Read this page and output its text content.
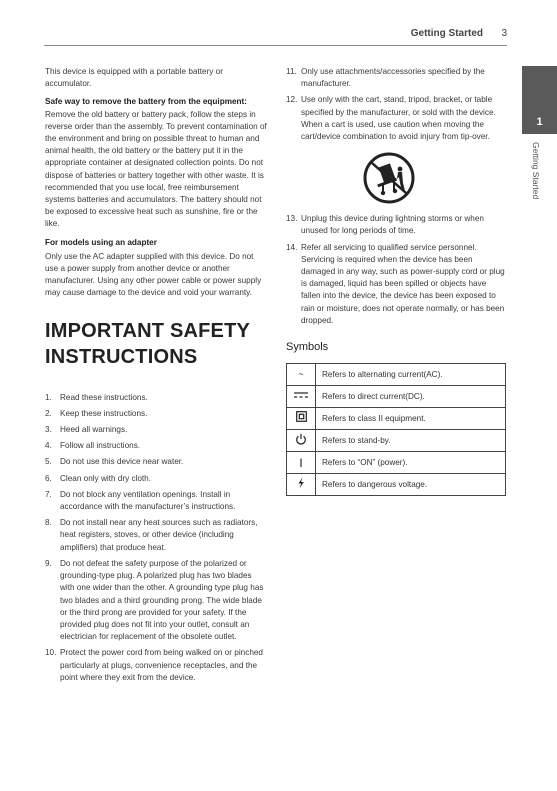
Getting Started 3
1
Getting Started

This device is equipped with a portable battery or accumulator.

Safe way to remove the battery from the equipment: Remove the old battery or battery pack, follow the steps in reverse order than the assembly. To prevent contamination of the environment and bring on possible threat to human and animal health, the old battery or the battery put it in the appropriate container at designated collection points. Do not dispose of batteries or battery together with other waste. It is recommended that you use local, free reimbursement systems batteries and accumulators. The battery should not be exposed to excessive heat such as sunshine, fire or the like.

For models using an adapter

Only use the AC adapter supplied with this device. Do not use a power supply from another device or another manufacturer. Using any other power cable or power supply may cause damage to the device and void your warranty.

IMPORTANT SAFETY INSTRUCTIONS
1. Read these instructions.
2. Keep these instructions.
3. Heed all warnings.
4. Follow all instructions.
5. Do not use this device near water.
6. Clean only with dry cloth.
7. Do not block any ventilation openings. Install in accordance with the manufacturer’s instructions.
8. Do not install near any heat sources such as radiators, heat registers, stoves, or other device (including amplifiers) that produce heat.
9. Do not defeat the safety purpose of the polarized or grounding-type plug. A polarized plug has two blades with one wider than the other. A grounding type plug has two blades and a third grounding prong. The wide blade or the third prong are provided for your safety. If the provided plug does not fit into your outlet, consult an electrician for replacement of the obsolete outlet.
10. Protect the power cord from being walked on or pinched particularly at plugs, convenience receptacles, and the point where they exit from the device.
11. Only use attachments/accessories specified by the manufacturer.
12. Use only with the cart, stand, tripod, bracket, or table specified by the manufacturer, or sold with the device. When a cart is used, use caution when moving the cart/device combination to avoid injury from tip-over.
13. Unplug this device during lightning storms or when unused for long periods of time.
14. Refer all servicing to qualified service personnel. Servicing is required when the device has been damaged in any way, such as power-supply cord or plug is damaged, liquid has been spilled or objects have fallen into the device, the device has been exposed to rain or moisture, does not operate normally, or has been dropped.
Symbols
~	Refers to alternating current(AC).
	Refers to direct current(DC).
	Refers to class II equipment.
	Refers to stand-by.
|	Refers to “ON” (power).
	Refers to dangerous voltage.
